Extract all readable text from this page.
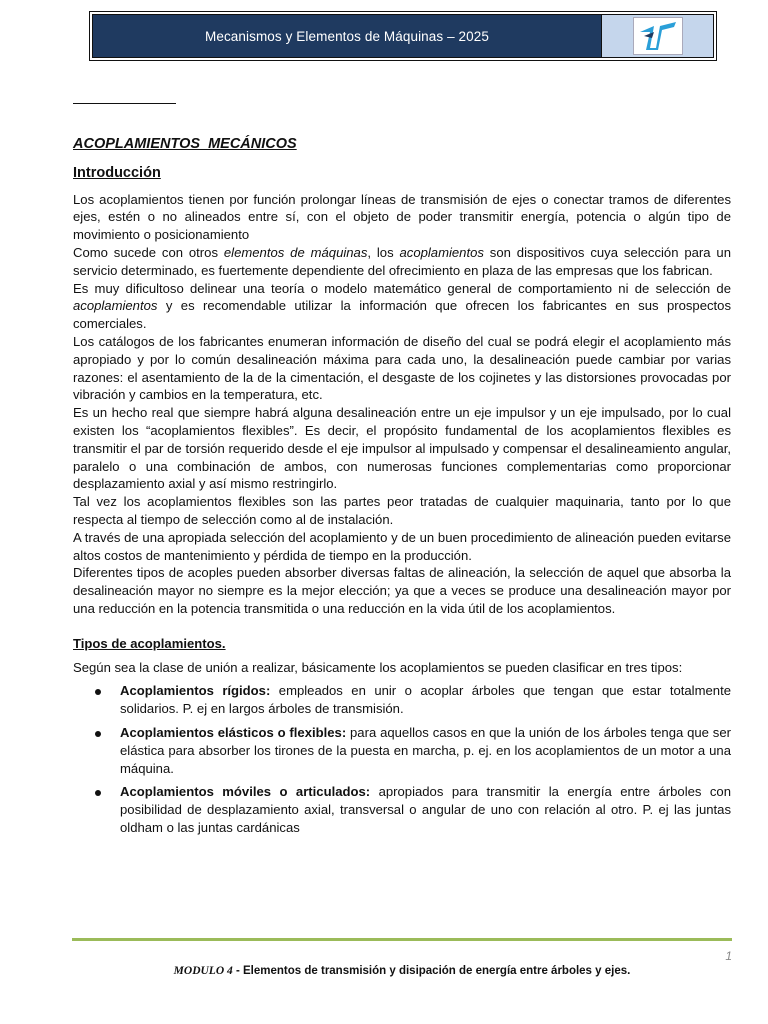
Mecanismos y Elementos de Máquinas – 2025
ACOPLAMIENTOS  MECÁNICOS
Introducción

Los acoplamientos tienen por función prolongar líneas de transmisión de ejes o conectar tramos de diferentes ejes, estén o no alineados entre sí, con el objeto de poder transmitir energía, potencia o algún tipo de movimiento o posicionamiento

Como sucede con otros elementos de máquinas, los acoplamientos son dispositivos cuya selección para un servicio determinado, es fuertemente dependiente del ofrecimiento en plaza de las empresas que los fabrican.

Es muy dificultoso delinear una teoría o modelo matemático general de comportamiento ni de selección de acoplamientos y es recomendable utilizar la información que ofrecen los fabricantes en sus prospectos comerciales.

Los catálogos de los fabricantes enumeran información de diseño del cual se podrá elegir el acoplamiento más apropiado y por lo común desalineación máxima para cada uno, la desalineación puede cambiar por varias razones: el asentamiento de la de la cimentación, el desgaste de los cojinetes y las distorsiones provocadas por vibración y cambios en la temperatura, etc.

Es un hecho real que siempre habrá alguna desalineación entre un eje impulsor y un eje impulsado, por lo cual existen los “acoplamientos flexibles”. Es decir, el propósito fundamental de los acoplamientos flexibles es transmitir el par de torsión requerido desde el eje impulsor al impulsado y compensar el desalineamiento angular, paralelo o una combinación de ambos, con numerosas funciones complementarias como proporcionar desplazamiento axial y así mismo restringirlo.

Tal vez los acoplamientos flexibles son las partes peor tratadas de cualquier maquinaria, tanto por lo que respecta al tiempo de selección como al de instalación.

A través de una apropiada selección del acoplamiento y de un buen procedimiento de alineación pueden evitarse altos costos de mantenimiento y pérdida de tiempo en la producción.

Diferentes tipos de acoples pueden absorber diversas faltas de alineación, la selección de aquel que absorba la desalineación mayor no siempre es la mejor elección; ya que a veces se produce una desalineación mayor por una reducción en la potencia transmitida o una reducción en la vida útil de los acoplamientos.

Tipos de acoplamientos.

Según sea la clase de unión a realizar, básicamente los acoplamientos se pueden clasificar en tres tipos:

Acoplamientos rígidos: empleados en unir o acoplar árboles que tengan que estar totalmente solidarios. P. ej en largos árboles de transmisión.
Acoplamientos elásticos o flexibles: para aquellos casos en que la unión de los árboles tenga que ser elástica para absorber los tirones de la puesta en marcha, p. ej. en los acoplamientos de un motor a una máquina.
Acoplamientos móviles o articulados: apropiados para transmitir la energía entre árboles con posibilidad de desplazamiento axial, transversal o angular de uno con relación al otro. P. ej las juntas oldham o las juntas cardánicas
1
MODULO 4 - Elementos de transmisión y disipación de energía entre árboles y ejes.
